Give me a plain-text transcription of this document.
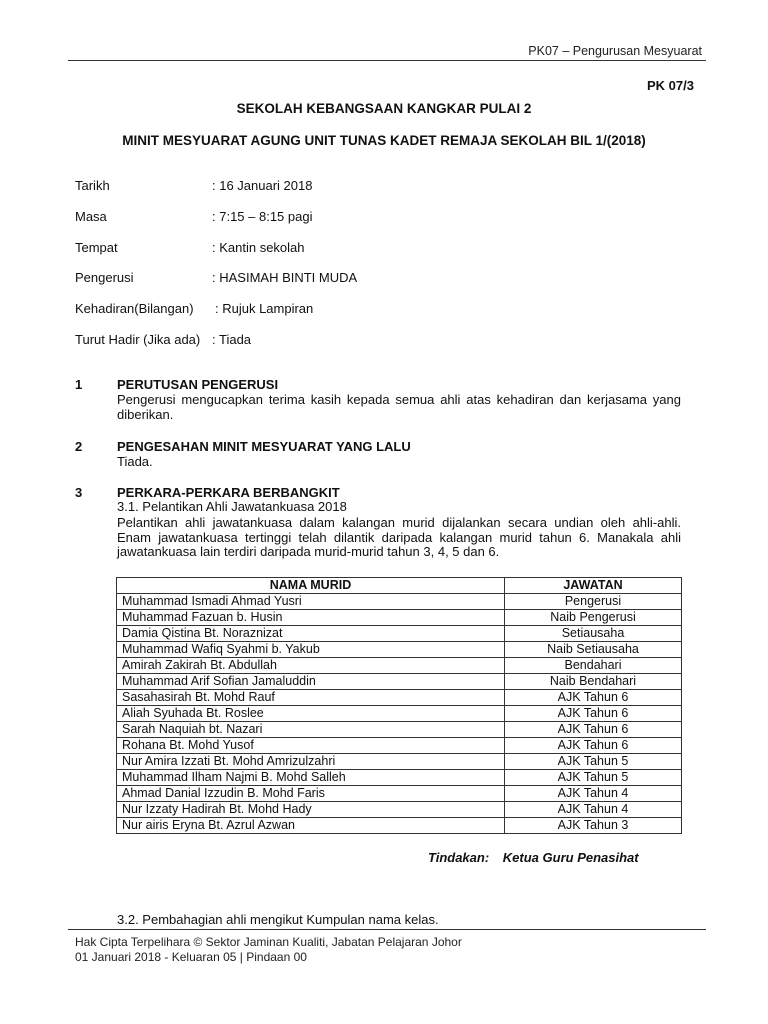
PK07 – Pengurusan Mesyuarat
PK 07/3
SEKOLAH KEBANGSAAN KANGKAR PULAI 2
MINIT MESYUARAT AGUNG UNIT TUNAS KADET REMAJA SEKOLAH BIL 1/(2018)
Tarikh	: 16 Januari 2018
Masa	: 7:15 – 8:15 pagi
Tempat	: Kantin sekolah
Pengerusi	: HASIMAH BINTI MUDA
Kehadiran(Bilangan) : Rujuk Lampiran
Turut Hadir (Jika ada) : Tiada
1	PERUTUSAN PENGERUSI
Pengerusi mengucapkan terima kasih kepada semua ahli atas kehadiran dan kerjasama yang diberikan.
2	PENGESAHAN MINIT MESYUARAT YANG LALU
Tiada.
3	PERKARA-PERKARA BERBANGKIT
3.1. Pelantikan Ahli Jawatankuasa 2018
Pelantikan ahli jawatankuasa dalam kalangan murid dijalankan secara undian oleh ahli-ahli. Enam jawatankuasa tertinggi telah dilantik daripada kalangan murid tahun 6. Manakala ahli jawatankuasa lain terdiri daripada murid-murid tahun 3, 4, 5 dan 6.
NAMA MURID	JAWATAN
Muhammad Ismadi Ahmad Yusri	Pengerusi
Muhammad Fazuan b. Husin	Naib Pengerusi
Damia Qistina Bt. Noraznizat	Setiausaha
Muhammad Wafiq Syahmi b. Yakub	Naib Setiausaha
Amirah Zakirah Bt. Abdullah	Bendahari
Muhammad Arif Sofian Jamaluddin	Naib Bendahari
Sasahasirah Bt. Mohd Rauf	AJK Tahun 6
Aliah Syuhada Bt. Roslee	AJK Tahun 6
Sarah Naquiah bt. Nazari	AJK Tahun 6
Rohana Bt. Mohd Yusof	AJK Tahun 6
Nur Amira Izzati Bt. Mohd Amrizulzahri	AJK Tahun 5
Muhammad Ilham Najmi B. Mohd Salleh	AJK Tahun 5
Ahmad Danial Izzudin B. Mohd Faris	AJK Tahun 4
Nur Izzaty Hadirah Bt. Mohd Hady	AJK Tahun 4
Nur airis Eryna Bt. Azrul Azwan	AJK Tahun 3
Tindakan: Ketua Guru Penasihat
3.2. Pembahagian ahli mengikut Kumpulan nama kelas.
Hak Cipta Terpelihara © Sektor Jaminan Kualiti, Jabatan Pelajaran Johor
01 Januari 2018 - Keluaran 05 | Pindaan 00
